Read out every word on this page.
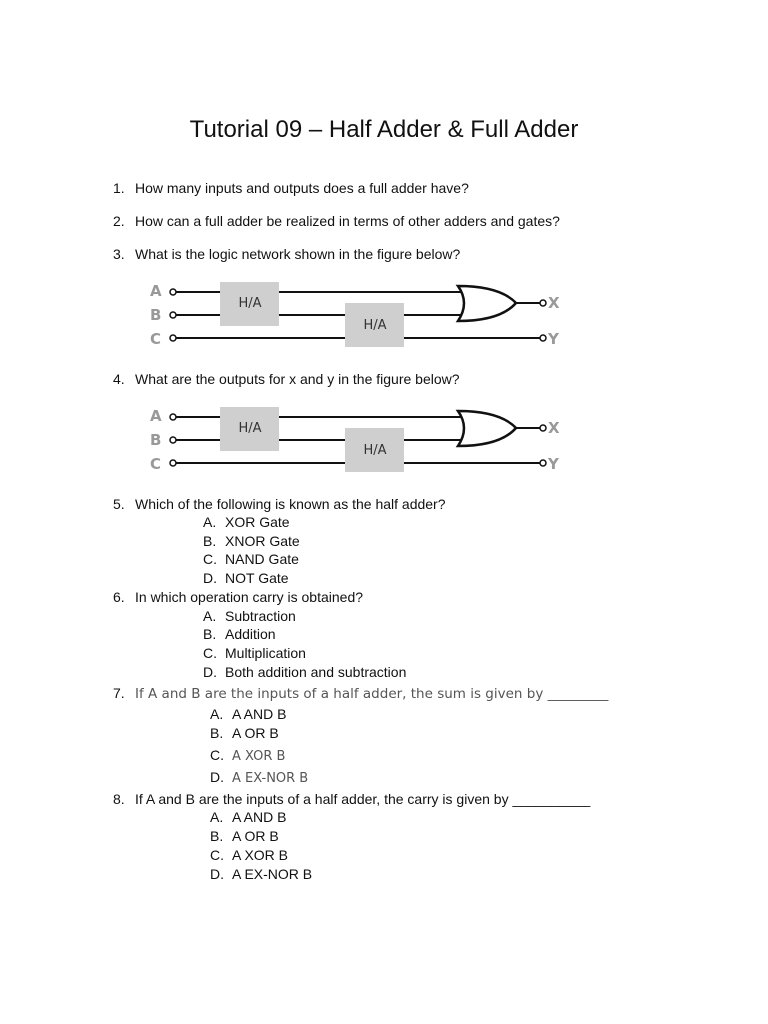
Tutorial 09 – Half Adder & Full Adder
1. How many inputs and outputs does a full adder have?
2. How can a full adder be realized in terms of other adders and gates?
3. What is the logic network shown in the figure below?
A
B
C
H/A
H/A
X
Y
4. What are the outputs for x and y in the figure below?
A
B
C
H/A
H/A
X
Y
5. Which of the following is known as the half adder?
A. XOR Gate
B. XNOR Gate
C. NAND Gate
D. NOT Gate
6. In which operation carry is obtained?
A. Subtraction
B. Addition
C. Multiplication
D. Both addition and subtraction
7. If A and B are the inputs of a half adder, the sum is given by _________
A. A AND B
B. A OR B
C. A XOR B
D. A EX-NOR B
8. If A and B are the inputs of a half adder, the carry is given by __________
A. A AND B
B. A OR B
C. A XOR B
D. A EX-NOR B
